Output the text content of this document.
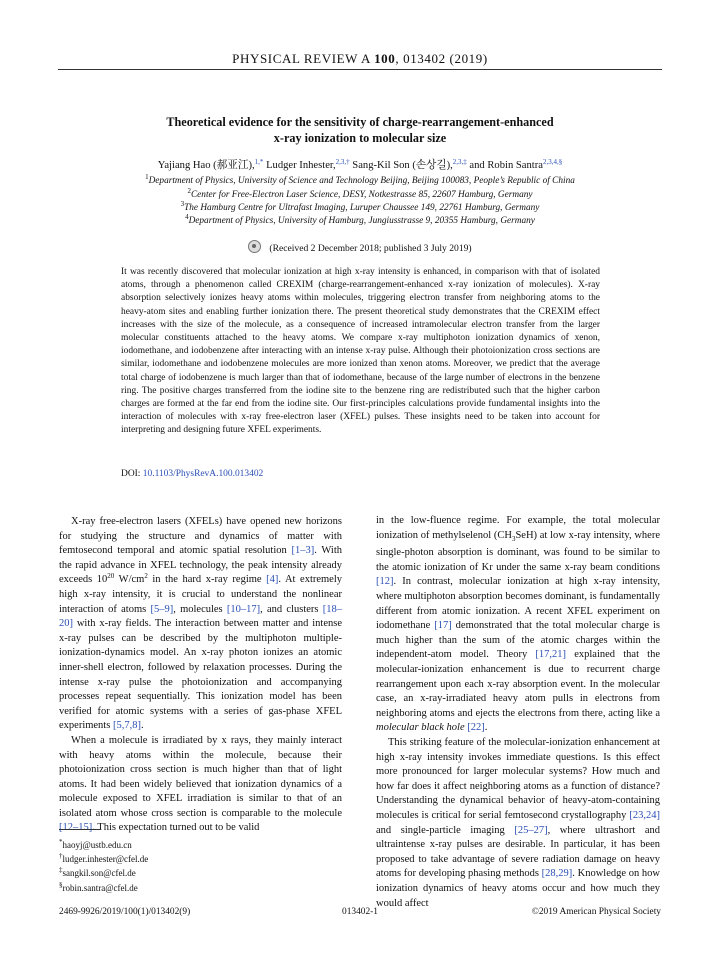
PHYSICAL REVIEW A 100, 013402 (2019)
Theoretical evidence for the sensitivity of charge-rearrangement-enhanced
x-ray ionization to molecular size
Yajiang Hao (郝亚江),$^{1,*}$ Ludger Inhester,$^{2,3,\dagger}$ Sang-Kil Son (손상길),$^{2,3,\ddagger}$ and Robin Santra$^{2,3,4,\S}$
$^1$Department of Physics, University of Science and Technology Beijing, Beijing 100083, People’s Republic of China
$^2$Center for Free-Electron Laser Science, DESY, Notkestrasse 85, 22607 Hamburg, Germany
$^3$The Hamburg Centre for Ultrafast Imaging, Luruper Chaussee 149, 22761 Hamburg, Germany
$^4$Department of Physics, University of Hamburg, Jungiusstrasse 9, 20355 Hamburg, Germany
(Received 2 December 2018; published 3 July 2019)
It was recently discovered that molecular ionization at high x-ray intensity is enhanced, in comparison with that of isolated atoms, through a phenomenon called CREXIM (charge-rearrangement-enhanced x-ray ionization of molecules). X-ray absorption selectively ionizes heavy atoms within molecules, triggering electron transfer from neighboring atoms to the heavy-atom sites and enabling further ionization there. The present theoretical study demonstrates that the CREXIM effect increases with the size of the molecule, as a consequence of increased intramolecular electron transfer from the larger molecular constituents attached to the heavy atoms. We compare x-ray multiphoton ionization dynamics of xenon, iodomethane, and iodobenzene after interacting with an intense x-ray pulse. Although their photoionization cross sections are similar, iodomethane and iodobenzene molecules are more ionized than xenon atoms. Moreover, we predict that the average total charge of iodobenzene is much larger than that of iodomethane, because of the large number of electrons in the benzene ring. The positive charges transferred from the iodine site to the benzene ring are redistributed such that the higher carbon charges are formed at the far end from the iodine site. Our first-principles calculations provide fundamental insights into the interaction of molecules with x-ray free-electron laser (XFEL) pulses. These insights need to be taken into account for interpreting and designing future XFEL experiments.
DOI: 10.1103/PhysRevA.100.013402

X-ray free-electron lasers (XFELs) have opened new horizons for studying the structure and dynamics of matter with femtosecond temporal and atomic spatial resolution [1–3]. With the rapid advance in XFEL technology, the peak intensity already exceeds $10^{20}$ $W/cm^2$ in the hard x-ray regime [4]. At extremely high x-ray intensity, it is crucial to understand the nonlinear interaction of atoms [5–9], molecules [10–17], and clusters [18–20] with x-ray fields. The interaction between matter and intense x-ray pulses can be described by the multiphoton multiple-ionization-dynamics model. An x-ray photon ionizes an atomic inner-shell electron, followed by relaxation processes. During the intense x-ray pulse the photoionization and accompanying processes repeat sequentially. This ionization model has been verified for atomic systems with a series of gas-phase XFEL experiments [5,7,8].

When a molecule is irradiated by x rays, they mainly interact with heavy atoms within the molecule, because their photoionization cross section is much higher than that of light atoms. It had been widely believed that ionization dynamics of a molecule exposed to XFEL irradiation is similar to that of an isolated atom whose cross section is comparable to the molecule [12–15]. This expectation turned out to be valid

in the low-fluence regime. For example, the total molecular ionization of methylselenol $(CH_3SeH)$ at low x-ray intensity, where single-photon absorption is dominant, was found to be similar to the atomic ionization of Kr under the same x-ray beam conditions [12]. In contrast, molecular ionization at high x-ray intensity, where multiphoton absorption becomes dominant, is fundamentally different from atomic ionization. A recent XFEL experiment on iodomethane [17] demonstrated that the total molecular charge is much higher than the sum of the atomic charges within the independent-atom model. Theory [17,21] explained that the molecular-ionization enhancement is due to recurrent charge rearrangement upon each x-ray absorption event. In the molecular case, an x-ray-irradiated heavy atom pulls in electrons from neighboring atoms and ejects the electrons from there, acting like a molecular black hole [22].

This striking feature of the molecular-ionization enhancement at high x-ray intensity invokes immediate questions. Is this effect more pronounced for larger molecular systems? How much and how far does it affect neighboring atoms as a function of distance? Understanding the dynamical behavior of heavy-atom-containing molecules is critical for serial femtosecond crystallography [23,24] and single-particle imaging [25–27], where ultrashort and ultraintense x-ray pulses are desirable. In particular, it has been proposed to take advantage of severe radiation damage on heavy atoms for developing phasing methods [28,29]. Knowledge on how ionization dynamics of heavy atoms occur and how much they would affect

*haoyj@ustb.edu.cn
†ludger.inhester@cfel.de
‡sangkil.son@cfel.de
§robin.santra@cfel.de
2469-9926/2019/100(1)/013402(9)	013402-1	©2019 American Physical Society
